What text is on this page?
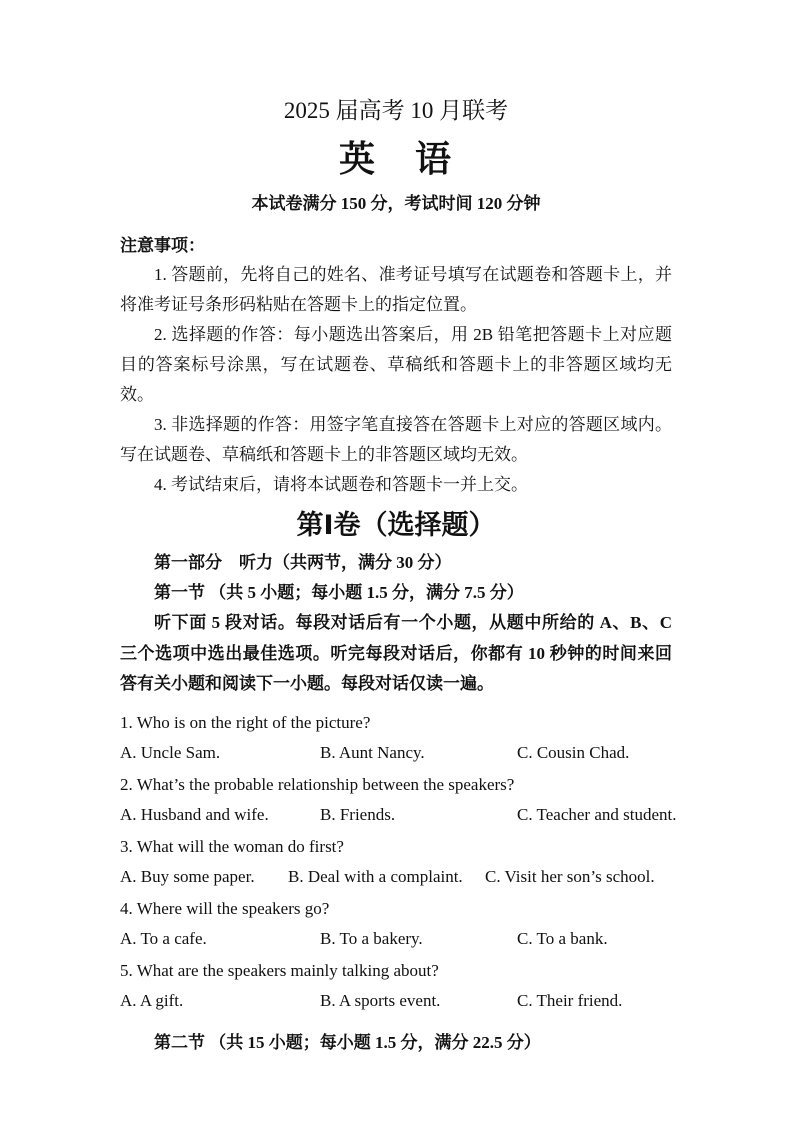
2025 届高考 10 月联考
英　语
本试卷满分 150 分，考试时间 120 分钟
注意事项：

1. 答题前，先将自己的姓名、准考证号填写在试题卷和答题卡上，并将准考证号条形码粘贴在答题卡上的指定位置。

2. 选择题的作答：每小题选出答案后，用 2B 铅笔把答题卡上对应题目的答案标号涂黑，写在试题卷、草稿纸和答题卡上的非答题区域均无效。

3. 非选择题的作答：用签字笔直接答在答题卡上对应的答题区域内。写在试题卷、草稿纸和答题卡上的非答题区域均无效。

4. 考试结束后，请将本试题卷和答题卡一并上交。

第Ⅰ卷（选择题）

第一部分　听力（共两节，满分 30 分）

第一节 （共 5 小题；每小题 1.5 分，满分 7.5 分）

听下面 5 段对话。每段对话后有一个小题，从题中所给的 A、B、C 三个选项中选出最佳选项。听完每段对话后，你都有 10 秒钟的时间来回答有关小题和阅读下一小题。每段对话仅读一遍。

1. Who is on the right of the picture?

A. Uncle Sam.	B. Aunt Nancy.	C. Cousin Chad.

2. What’s the probable relationship between the speakers?

A. Husband and wife.	B. Friends.	C. Teacher and student.

3. What will the woman do first?

A. Buy some paper. B. Deal with a complaint. C. Visit her son’s school.

4. Where will the speakers go?

A. To a cafe.	B. To a bakery.	C. To a bank.

5. What are the speakers mainly talking about?

A. A gift.	B. A sports event.	C. Their friend.

第二节 （共 15 小题；每小题 1.5 分，满分 22.5 分）
